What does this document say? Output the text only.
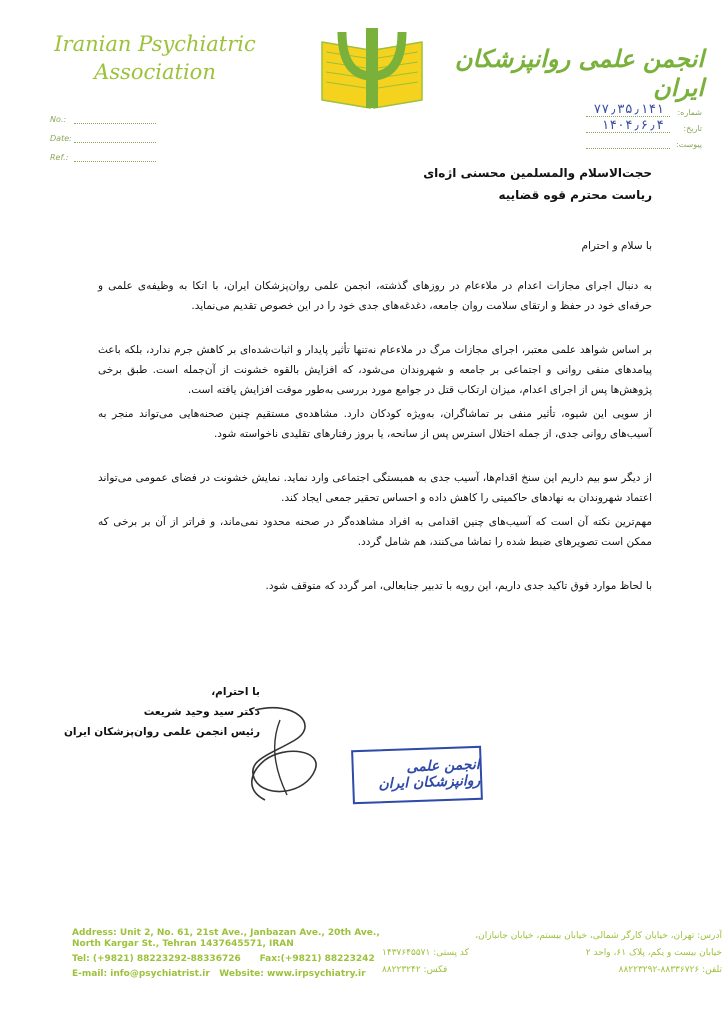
Iranian Psychiatric
Association	انجمن علمی روانپزشکان ایران
No.:
Date:
Ref.:
شماره:
۷۷٫۳۵٫۱۴۱
تاریخ:
۱۴۰۴٫۶٫۴
پیوست:
حجت‌الاسلام والمسلمین محسنی اژه‌ای
ریاست محترم قوه قضاییه
با سلام و احترام
به دنبال اجرای مجازات اعدام در ملاءعام در روزهای گذشته، انجمن علمی روان‌پزشکان ایران، با اتکا به وظیفه‌ی علمی و حرفه‌ای خود در حفظ و ارتقای سلامت روان جامعه، دغدغه‌های جدی خود را در این خصوص تقدیم می‌نماید.
بر اساس شواهد علمی معتبر، اجرای مجازات مرگ در ملاءعام نه‌تنها تأثیر پایدار و اثبات‌شده‌ای بر کاهش جرم ندارد، بلکه باعث پیامدهای منفی روانی و اجتماعی بر جامعه و شهروندان می‌شود، که افزایش بالقوه خشونت از آن‌جمله است. طبق برخی پژوهش‌ها پس از اجرای اعدام، میزان ارتکاب قتل در جوامع مورد بررسی به‌طور موقت افزایش یافته است.
از سویی این شیوه، تأثیر منفی بر تماشاگران، به‌ویژه کودکان دارد. مشاهده‌ی مستقیم چنین صحنه‌هایی می‌تواند منجر به آسیب‌های روانی جدی، از جمله اختلال استرس پس از سانحه، یا بروز رفتارهای تقلیدی ناخواسته شود.
از دیگر سو بیم داریم این سنخ اقدام‌ها، آسیب جدی به همبستگی اجتماعی وارد نماید. نمایش خشونت در فضای عمومی می‌تواند اعتماد شهروندان به نهادهای حاکمیتی را کاهش داده و احساس تحقیر جمعی ایجاد کند.
مهم‌ترین نکته آن است که آسیب‌های چنین اقدامی به افراد مشاهده‌گر در صحنه محدود نمی‌ماند، و فراتر از آن بر برخی که ممکن است تصویرهای ضبط شده را تماشا می‌کنند، هم شامل گردد.
با لحاظ موارد فوق تاکید جدی داریم، این رویه با تدبیر جنابعالی، امر گردد که متوقف شود.
با احترام،
دکتر سید وحید شریعت
رئیس انجمن علمی روان‌پزشکان ایران
انجمن علمی روانپزشکان ایران
Address: Unit 2, No. 61, 21st Ave., Janbazan Ave., 20th Ave.,
North Kargar St., Tehran 1437645571, IRAN
Tel: (+9821) 88223292-88336726 Fax:(+9821) 88223242
E-mail: info@psychiatrist.ir Website: www.irpsychiatry.ir
آدرس: تهران، خیابان کارگر شمالی، خیابان بیستم، خیابان جانبازان،
خیابان بیست و یکم، پلاک ۶۱، واحد ۲
کد پستی: ۱۴۳۷۶۴۵۵۷۱
تلفن: ۸۸۳۳۶۷۲۶-۸۸۲۲۳۲۹۲
فکس: ۸۸۲۲۳۲۴۲
